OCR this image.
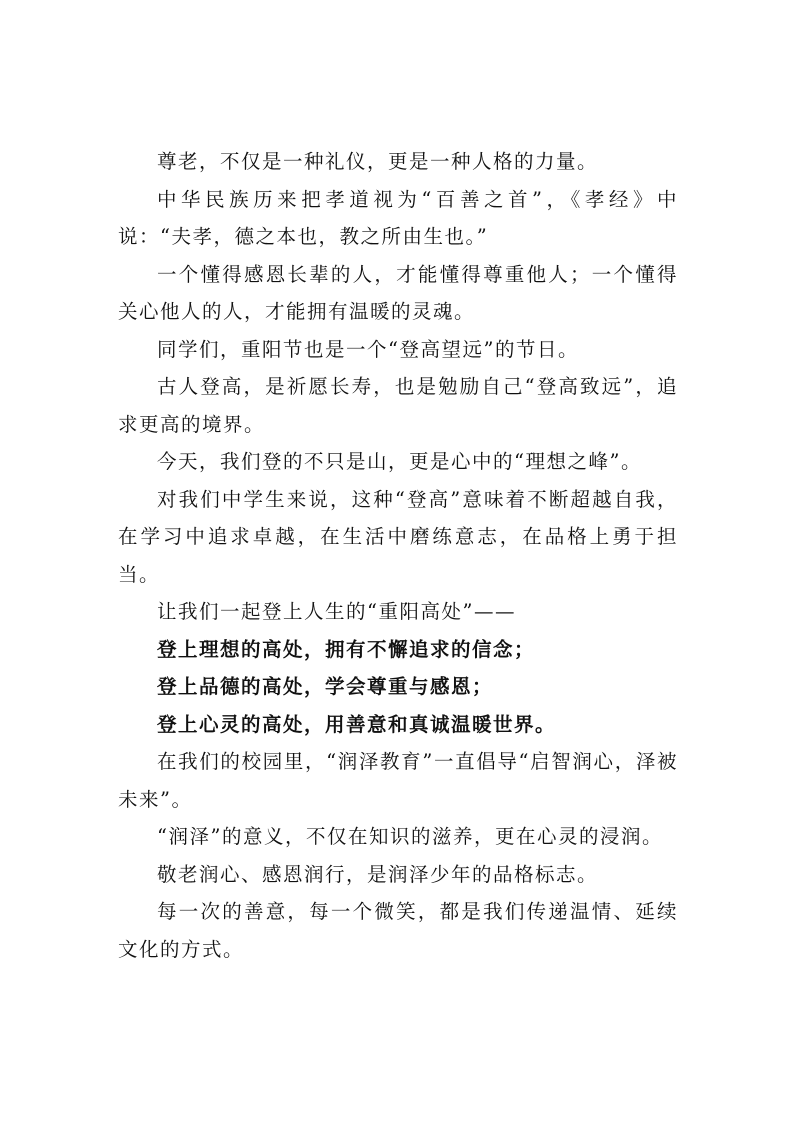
尊老，不仅是一种礼仪，更是一种人格的力量。

中华民族历来把孝道视为“百善之首”，《孝经》中说：“夫孝，德之本也，教之所由生也。”

一个懂得感恩长辈的人，才能懂得尊重他人；一个懂得关心他人的人，才能拥有温暖的灵魂。

同学们，重阳节也是一个“登高望远”的节日。

古人登高，是祈愿长寿，也是勉励自己“登高致远”，追求更高的境界。

今天，我们登的不只是山，更是心中的“理想之峰”。

对我们中学生来说，这种“登高”意味着不断超越自我，在学习中追求卓越，在生活中磨练意志，在品格上勇于担当。

让我们一起登上人生的“重阳高处”——

登上理想的高处，拥有不懈追求的信念；

登上品德的高处，学会尊重与感恩；

登上心灵的高处，用善意和真诚温暖世界。

在我们的校园里，“润泽教育”一直倡导“启智润心，泽被未来”。

“润泽”的意义，不仅在知识的滋养，更在心灵的浸润。

敬老润心、感恩润行，是润泽少年的品格标志。

每一次的善意，每一个微笑，都是我们传递温情、延续文化的方式。
